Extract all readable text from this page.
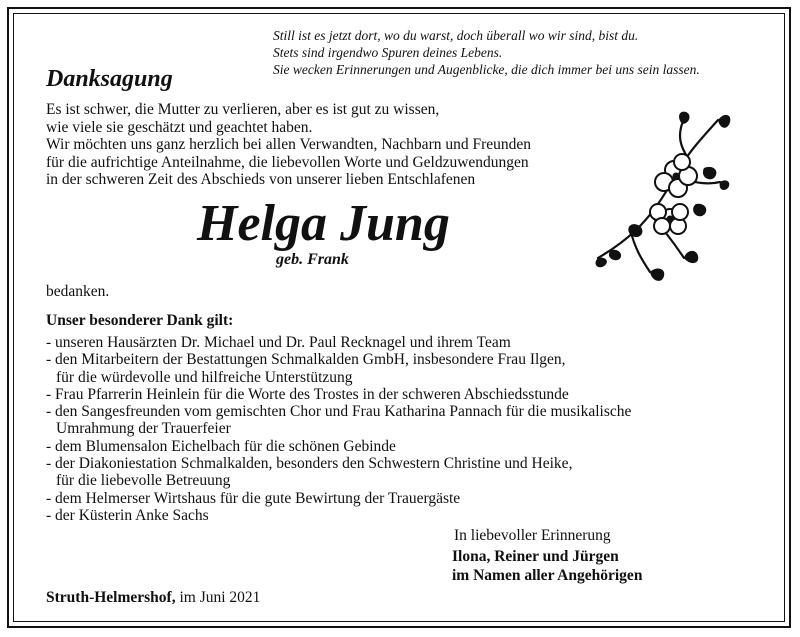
Still ist es jetzt dort, wo du warst, doch überall wo wir sind, bist du.
Stets sind irgendwo Spuren deines Lebens.
Sie wecken Erinnerungen und Augenblicke, die dich immer bei uns sein lassen.
Danksagung
Es ist schwer, die Mutter zu verlieren, aber es ist gut zu wissen,
wie viele sie geschätzt und geachtet haben.
Wir möchten uns ganz herzlich bei allen Verwandten, Nachbarn und Freunden
für die aufrichtige Anteilnahme, die liebevollen Worte und Geldzuwendungen
in der schweren Zeit des Abschieds von unserer lieben Entschlafenen
Helga Jung
geb. Frank
bedanken.
Unser besonderer Dank gilt:
- unseren Hausärzten Dr. Michael und Dr. Paul Recknagel und ihrem Team
- den Mitarbeitern der Bestattungen Schmalkalden GmbH, insbesondere Frau Ilgen,
für die würdevolle und hilfreiche Unterstützung
- Frau Pfarrerin Heinlein für die Worte des Trostes in der schweren Abschiedsstunde
- den Sangesfreunden vom gemischten Chor und Frau Katharina Pannach für die musikalische
Umrahmung der Trauerfeier
- dem Blumensalon Eichelbach für die schönen Gebinde
- der Diakoniestation Schmalkalden, besonders den Schwestern Christine und Heike,
für die liebevolle Betreuung
- dem Helmerser Wirtshaus für die gute Bewirtung der Trauergäste
- der Küsterin Anke Sachs
In liebevoller Erinnerung
Ilona, Reiner und Jürgen
im Namen aller Angehörigen
Struth-Helmershof, im Juni 2021
